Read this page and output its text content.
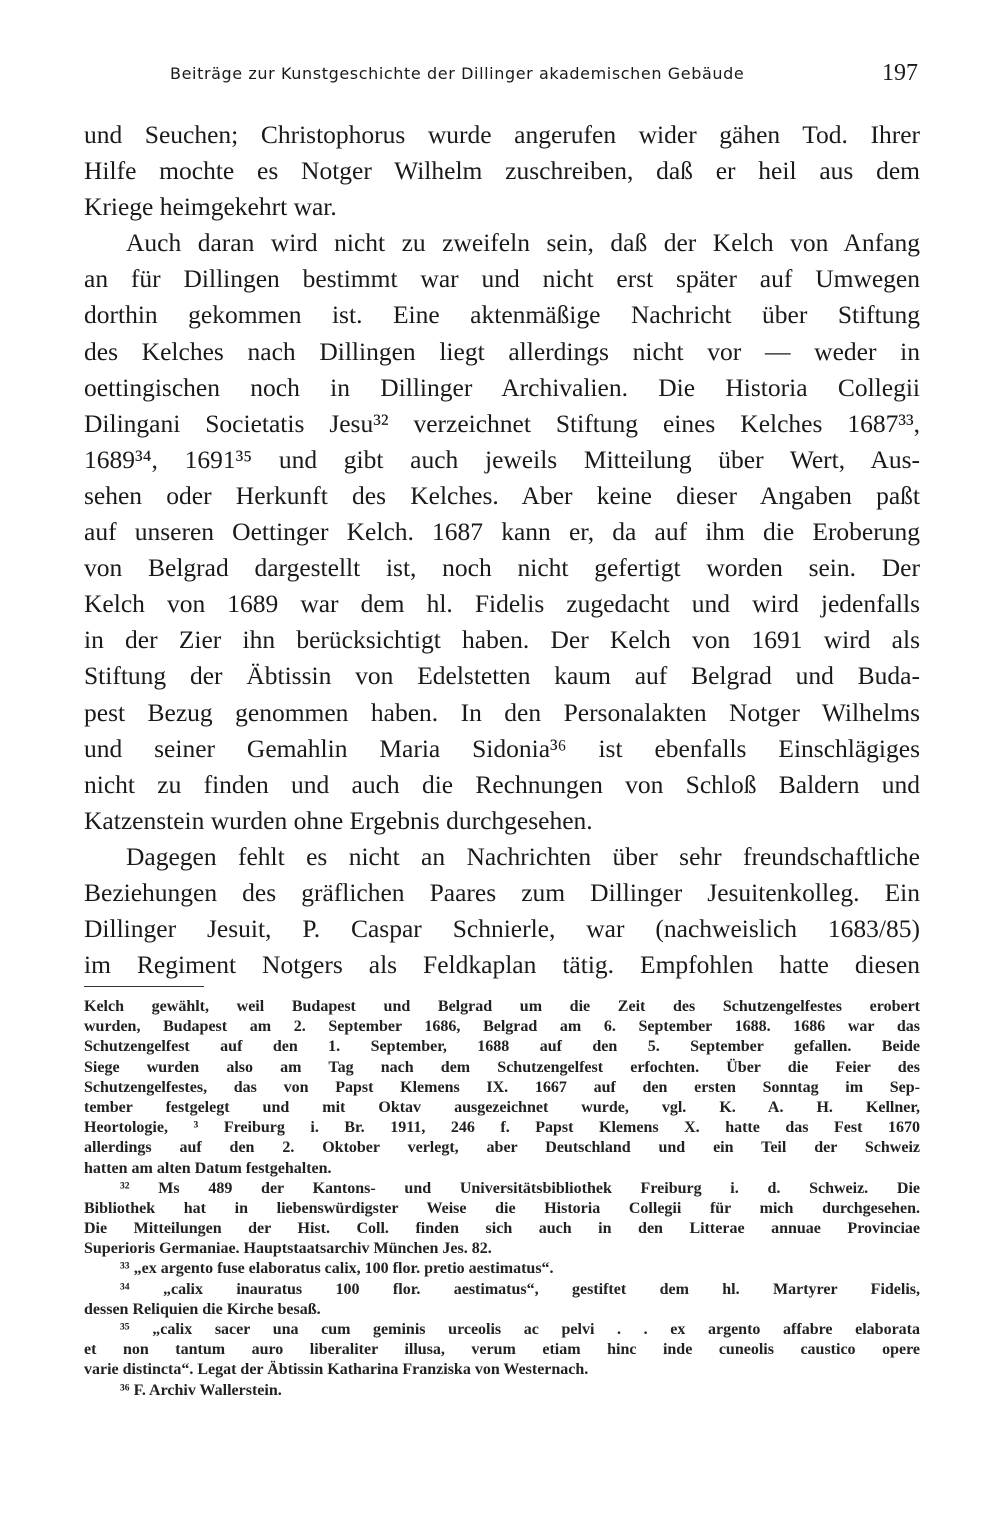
Beiträge zur Kunstgeschichte der Dillinger akademischen Gebäude	197

und Seuchen; Christophorus wurde angerufen wider gähen Tod. Ihrer
Hilfe mochte es Notger Wilhelm zuschreiben, daß er heil aus dem
Kriege heimgekehrt war.

Auch daran wird nicht zu zweifeln sein, daß der Kelch von Anfang
an für Dillingen bestimmt war und nicht erst später auf Umwegen
dorthin gekommen ist. Eine aktenmäßige Nachricht über Stiftung
des Kelches nach Dillingen liegt allerdings nicht vor — weder in
oettingischen noch in Dillinger Archivalien. Die Historia Collegii
Dilingani Societatis Jesu³² verzeichnet Stiftung eines Kelches 1687³³,
1689³⁴, 1691³⁵ und gibt auch jeweils Mitteilung über Wert, Aus-
sehen oder Herkunft des Kelches. Aber keine dieser Angaben paßt
auf unseren Oettinger Kelch. 1687 kann er, da auf ihm die Eroberung
von Belgrad dargestellt ist, noch nicht gefertigt worden sein. Der
Kelch von 1689 war dem hl. Fidelis zugedacht und wird jedenfalls
in der Zier ihn berücksichtigt haben. Der Kelch von 1691 wird als
Stiftung der Äbtissin von Edelstetten kaum auf Belgrad und Buda-
pest Bezug genommen haben. In den Personalakten Notger Wilhelms
und seiner Gemahlin Maria Sidonia³⁶ ist ebenfalls Einschlägiges
nicht zu finden und auch die Rechnungen von Schloß Baldern und
Katzenstein wurden ohne Ergebnis durchgesehen.

Dagegen fehlt es nicht an Nachrichten über sehr freundschaftliche
Beziehungen des gräflichen Paares zum Dillinger Jesuitenkolleg. Ein
Dillinger Jesuit, P. Caspar Schnierle, war (nachweislich 1683/85)
im Regiment Notgers als Feldkaplan tätig. Empfohlen hatte diesen

Kelch gewählt, weil Budapest und Belgrad um die Zeit des Schutzengelfestes erobert
wurden, Budapest am 2. September 1686, Belgrad am 6. September 1688. 1686 war das
Schutzengelfest auf den 1. September, 1688 auf den 5. September gefallen. Beide
Siege wurden also am Tag nach dem Schutzengelfest erfochten. Über die Feier des
Schutzengelfestes, das von Papst Klemens IX. 1667 auf den ersten Sonntag im Sep-
tember festgelegt und mit Oktav ausgezeichnet wurde, vgl. K. A. H. Kellner,
Heortologie, ³ Freiburg i. Br. 1911, 246 f. Papst Klemens X. hatte das Fest 1670
allerdings auf den 2. Oktober verlegt, aber Deutschland und ein Teil der Schweiz
hatten am alten Datum festgehalten.
³² Ms 489 der Kantons- und Universitätsbibliothek Freiburg i. d. Schweiz. Die
Bibliothek hat in liebenswürdigster Weise die Historia Collegii für mich durchgesehen.
Die Mitteilungen der Hist. Coll. finden sich auch in den Litterae annuae Provinciae
Superioris Germaniae. Hauptstaatsarchiv München Jes. 82.
³³ „ex argento fuse elaboratus calix, 100 flor. pretio aestimatus“.
³⁴ „calix inauratus 100 flor. aestimatus“, gestiftet dem hl. Martyrer Fidelis,
dessen Reliquien die Kirche besaß.
³⁵ „calix sacer una cum geminis urceolis ac pelvi . . ex argento affabre elaborata
et non tantum auro liberaliter illusa, verum etiam hinc inde cuneolis caustico opere
varie distincta“. Legat der Äbtissin Katharina Franziska von Westernach.
³⁶ F. Archiv Wallerstein.
